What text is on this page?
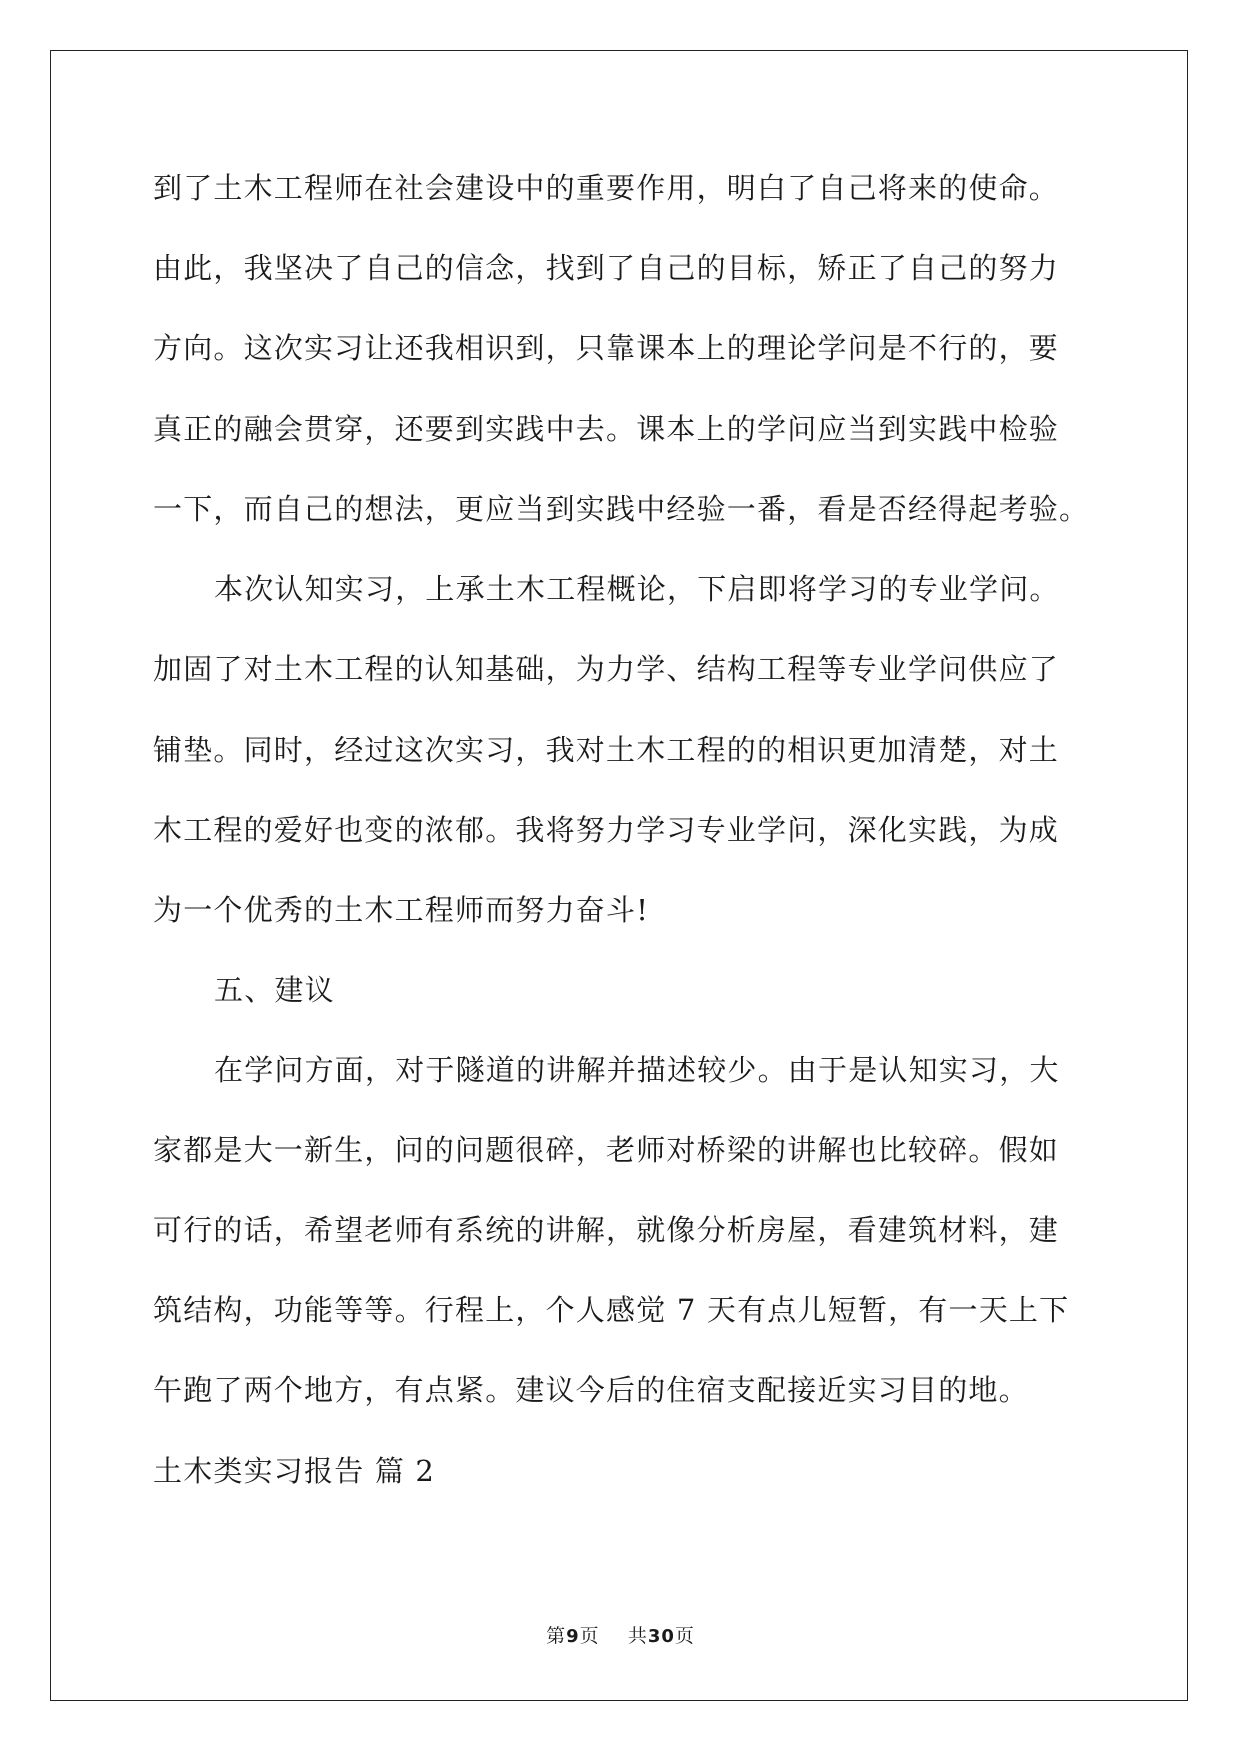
到了土木工程师在社会建设中的重要作用，明白了自己将来的使命。
由此，我坚决了自己的信念，找到了自己的目标，矫正了自己的努力
方向。这次实习让还我相识到，只靠课本上的理论学问是不行的，要
真正的融会贯穿，还要到实践中去。课本上的学问应当到实践中检验
一下，而自己的想法，更应当到实践中经验一番，看是否经得起考验。
本次认知实习，上承土木工程概论，下启即将学习的专业学问。
加固了对土木工程的认知基础，为力学、结构工程等专业学问供应了
铺垫。同时，经过这次实习，我对土木工程的的相识更加清楚，对土
木工程的爱好也变的浓郁。我将努力学习专业学问，深化实践，为成
为一个优秀的土木工程师而努力奋斗!
五、建议
在学问方面，对于隧道的讲解并描述较少。由于是认知实习，大
家都是大一新生，问的问题很碎，老师对桥梁的讲解也比较碎。假如
可行的话，希望老师有系统的讲解，就像分析房屋，看建筑材料，建
筑结构，功能等等。行程上，个人感觉 7 天有点儿短暂，有一天上下
午跑了两个地方，有点紧。建议今后的住宿支配接近实习目的地。
土木类实习报告 篇 2
第9页 共30页
